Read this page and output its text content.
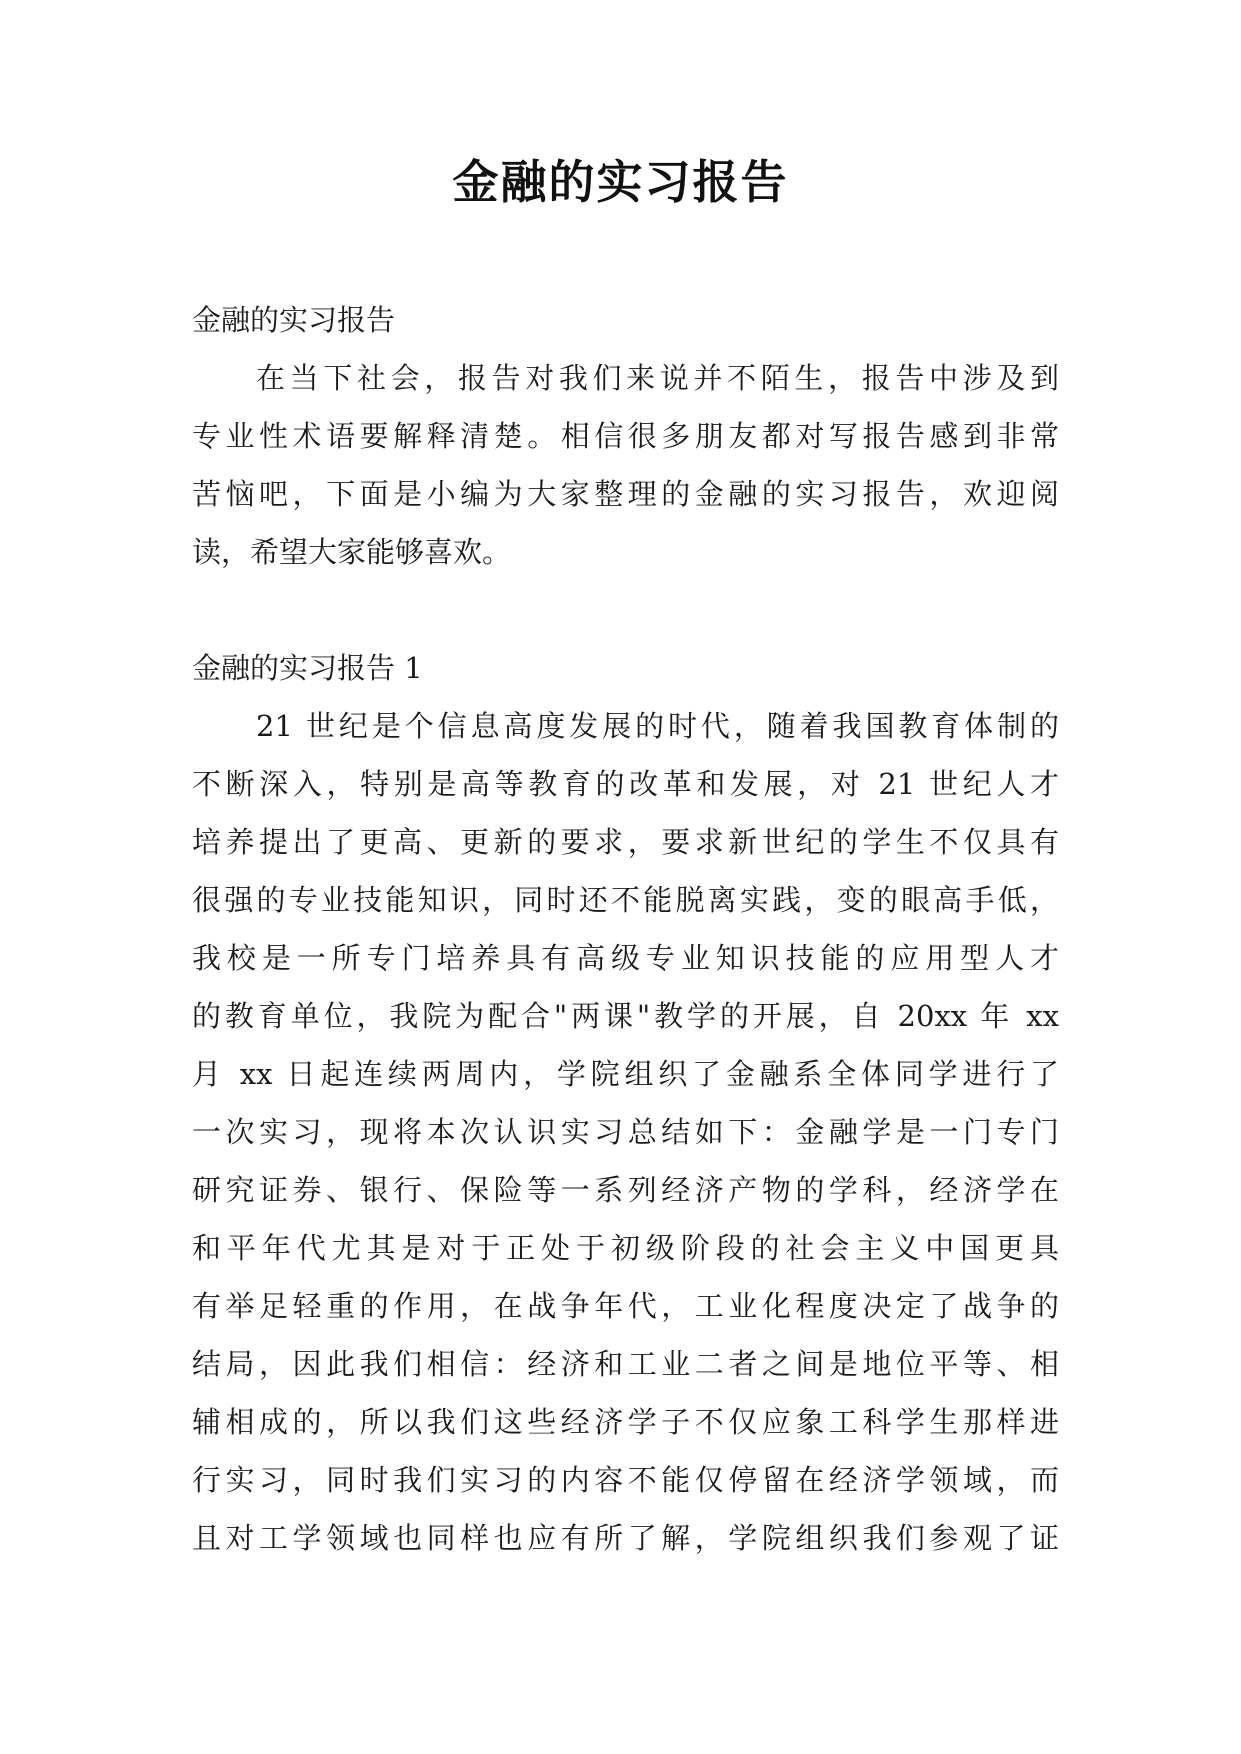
金融的实习报告

金融的实习报告

在当下社会，报告对我们来说并不陌生，报告中涉及到

专业性术语要解释清楚。相信很多朋友都对写报告感到非常

苦恼吧，下面是小编为大家整理的金融的实习报告，欢迎阅

读，希望大家能够喜欢。

金融的实习报告 1

21 世纪是个信息高度发展的时代，随着我国教育体制的

不断深入，特别是高等教育的改革和发展，对 21 世纪人才

培养提出了更高、更新的要求，要求新世纪的学生不仅具有

很强的专业技能知识，同时还不能脱离实践，变的眼高手低，

我校是一所专门培养具有高级专业知识技能的应用型人才

的教育单位，我院为配合"两课"教学的开展，自 20xx 年 xx

月 xx 日起连续两周内，学院组织了金融系全体同学进行了

一次实习，现将本次认识实习总结如下：金融学是一门专门

研究证券、银行、保险等一系列经济产物的学科，经济学在

和平年代尤其是对于正处于初级阶段的社会主义中国更具

有举足轻重的作用，在战争年代，工业化程度决定了战争的

结局，因此我们相信：经济和工业二者之间是地位平等、相

辅相成的，所以我们这些经济学子不仅应象工科学生那样进

行实习，同时我们实习的内容不能仅停留在经济学领域，而

且对工学领域也同样也应有所了解，学院组织我们参观了证
